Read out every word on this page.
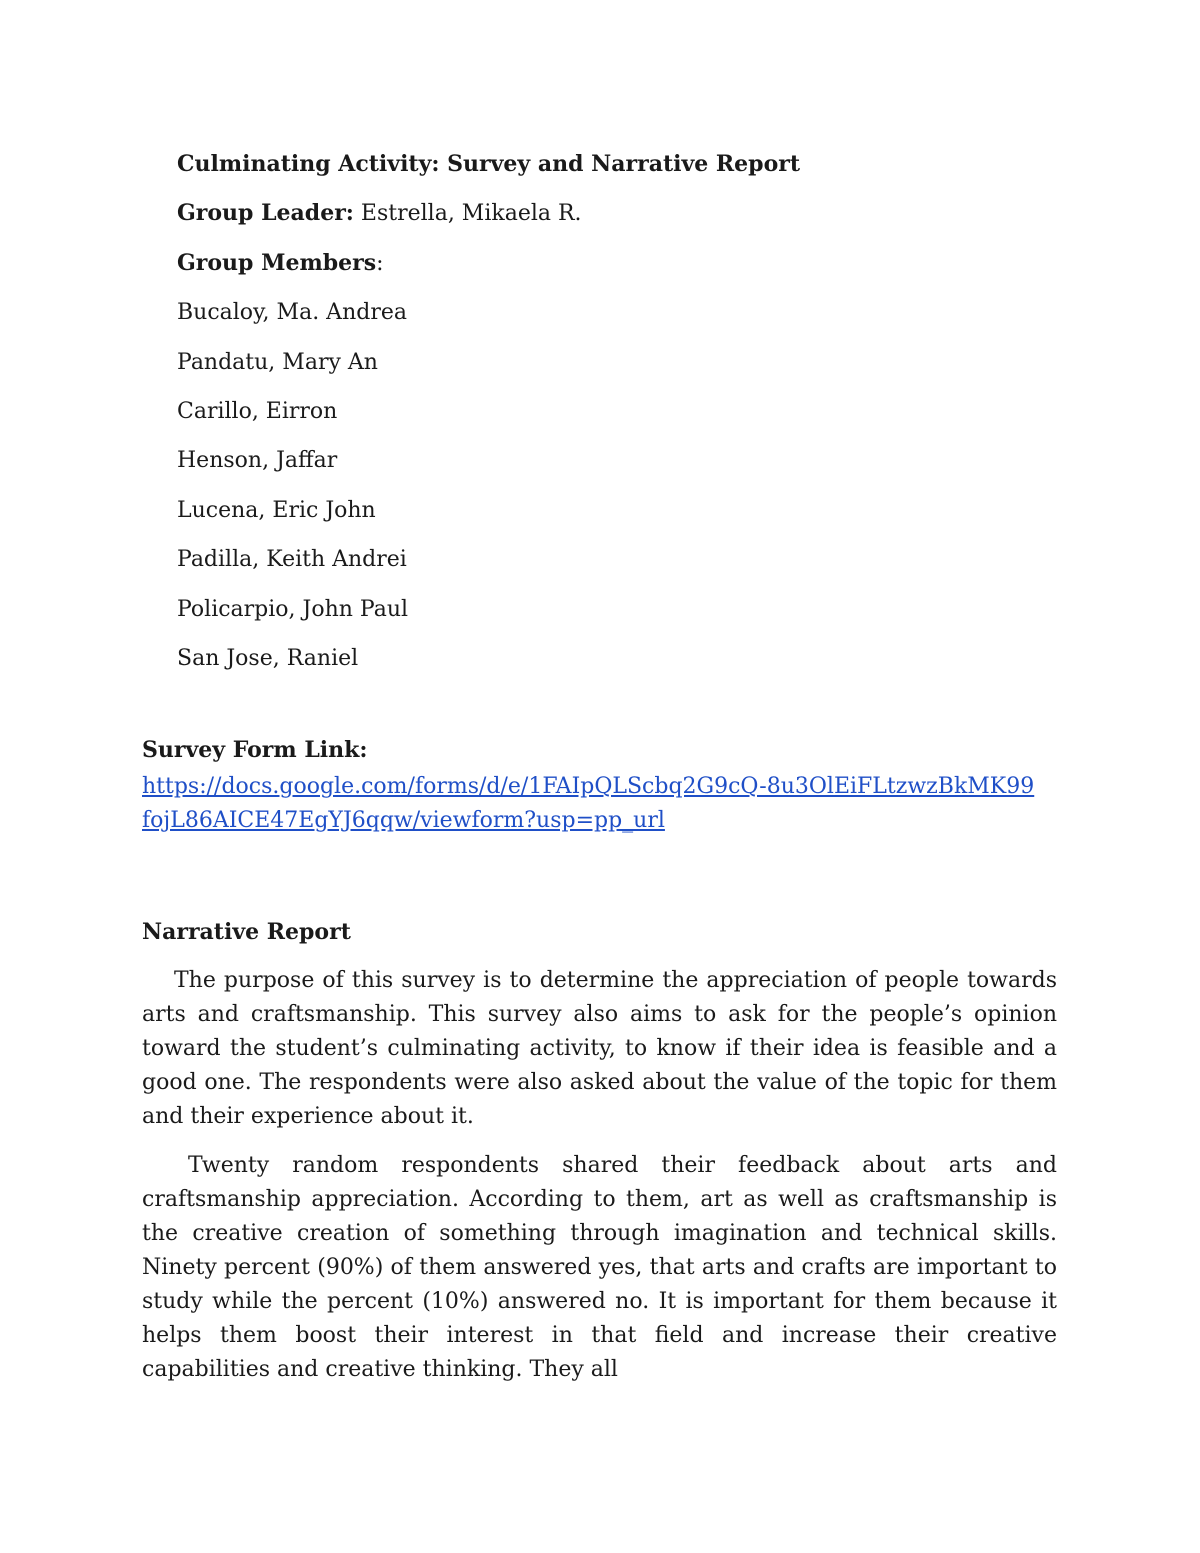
Culminating Activity: Survey and Narrative Report
Group Leader: Estrella, Mikaela R.
Group Members:
Bucaloy, Ma. Andrea
Pandatu, Mary An
Carillo, Eirron
Henson, Jaffar
Lucena, Eric John
Padilla, Keith Andrei
Policarpio, John Paul
San Jose, Raniel

Survey Form Link:

https://docs.google.com/forms/d/e/1FAIpQLScbq2G9cQ-8u3OlEiFLtzwzBkMK99fojL86AICE47EgYJ6qqw/viewform?usp=pp_url

Narrative Report

The purpose of this survey is to determine the appreciation of people towards arts and craftsmanship. This survey also aims to ask for the people’s opinion toward the student’s culminating activity, to know if their idea is feasible and a good one. The respondents were also asked about the value of the topic for them and their experience about it.

Twenty random respondents shared their feedback about arts and craftsmanship appreciation. According to them, art as well as craftsmanship is the creative creation of something through imagination and technical skills. Ninety percent (90%) of them answered yes, that arts and crafts are important to study while the percent (10%) answered no. It is important for them because it helps them boost their interest in that field and increase their creative capabilities and creative thinking. They all
